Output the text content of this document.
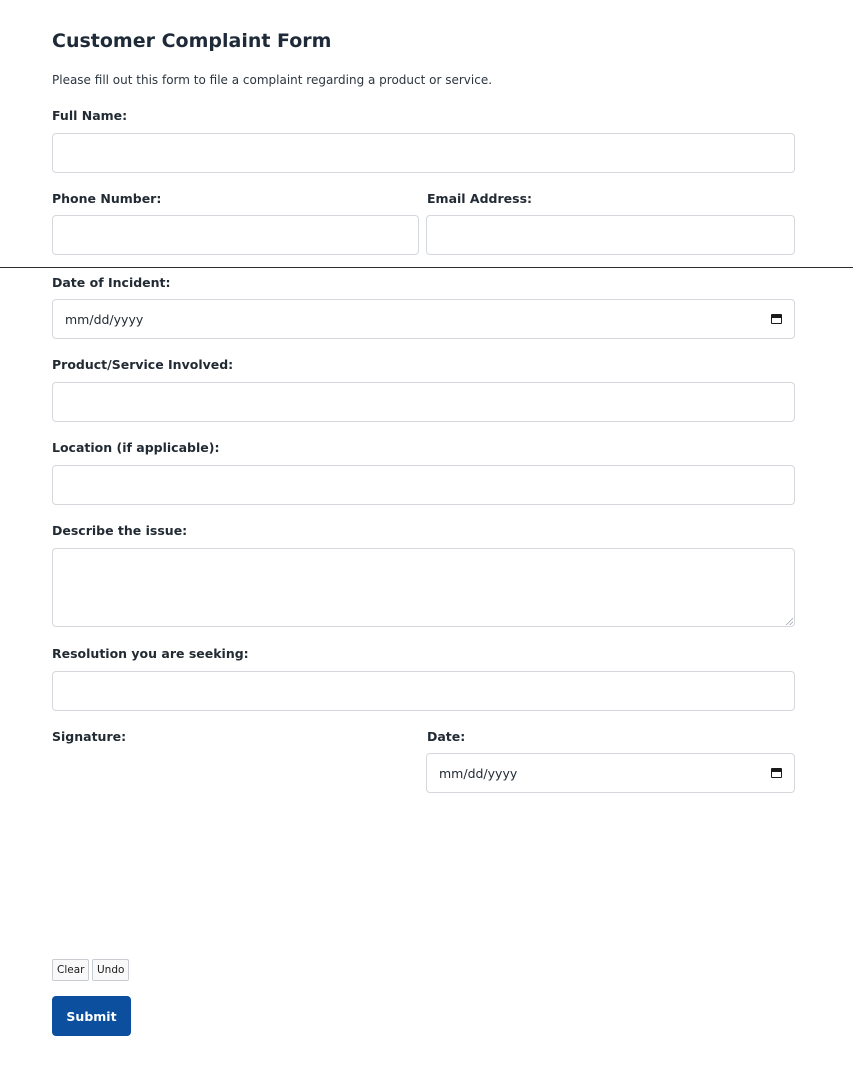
Customer Complaint Form

Please fill out this form to file a complaint regarding a product or service.

Full Name:
Phone Number:	Email Address:
Date of Incident:
mm/dd/yyyy
Product/Service Involved:
Location (if applicable):
Describe the issue:
Resolution you are seeking:
Signature:	Date:
mm/dd/yyyy
Clear	Undo
Submit
